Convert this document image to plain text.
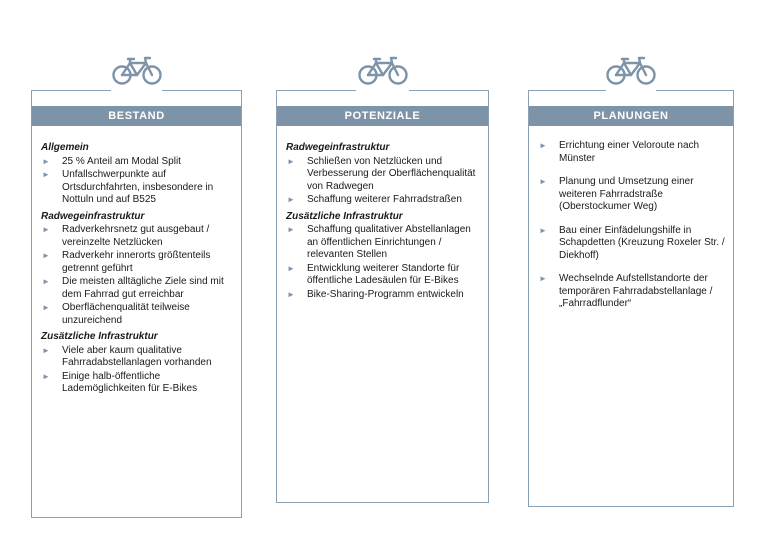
BESTAND
Allgemein
► 25 % Anteil am Modal Split
► Unfallschwerpunkte auf Ortsdurchfahrten, insbesondere in Nottuln und auf B525
Radwegeinfrastruktur
► Radverkehrsnetz gut ausgebaut / vereinzelte Netzlücken
► Radverkehr innerorts größtenteils getrennt geführt
► Die meisten alltägliche Ziele sind mit dem Fahrrad gut erreichbar
► Oberflächenqualität teilweise unzureichend
Zusätzliche Infrastruktur
► Viele aber kaum qualitative Fahrradabstellanlagen vorhanden
► Einige halb-öffentliche Lademöglichkeiten für E-Bikes
POTENZIALE
Radwegeinfrastruktur
► Schließen von Netzlücken und Verbesserung der Oberflächenqualität von Radwegen
► Schaffung weiterer Fahrradstraßen
Zusätzliche Infrastruktur
► Schaffung qualitativer Abstellanlagen an öffentlichen Einrichtungen / relevanten Stellen
► Entwicklung weiterer Standorte für öffentliche Ladesäulen für E-Bikes
► Bike-Sharing-Programm entwickeln
PLANUNGEN
► Errichtung einer Veloroute nach Münster
► Planung und Umsetzung einer weiteren Fahrradstraße (Oberstockumer Weg)
► Bau einer Einfädelungshilfe in Schapdetten (Kreuzung Roxeler Str. / Diekhoff)
► Wechselnde Aufstellstandorte der temporären Fahrradabstellanlage / „Fahrradflunder“
